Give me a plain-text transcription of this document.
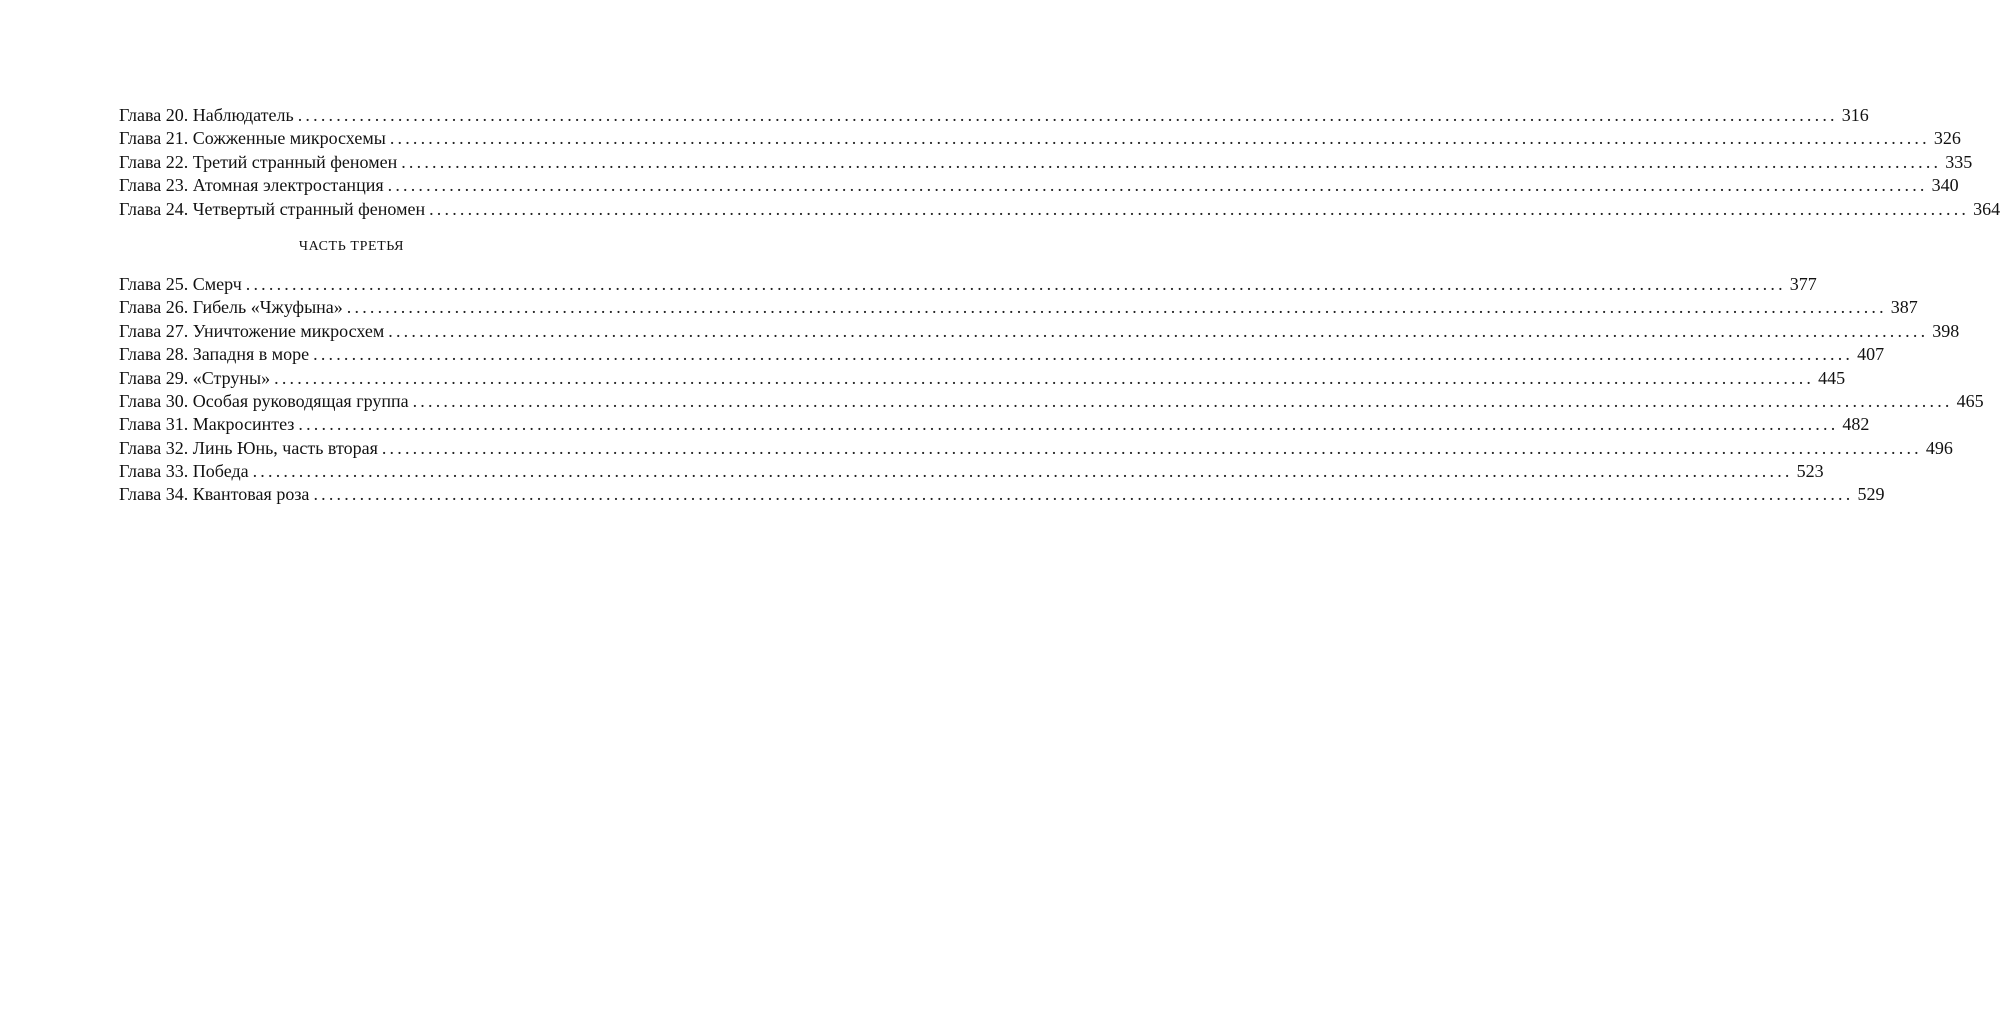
Глава 20. Наблюдатель ........................................................................................................................................................................................................ 316
Глава 21. Сожженные микросхемы ........................................................................................................................................................................................................ 326
Глава 22. Третий странный феномен ........................................................................................................................................................................................................ 335
Глава 23. Атомная электростанция ........................................................................................................................................................................................................ 340
Глава 24. Четвертый странный феномен ........................................................................................................................................................................................................ 364
ЧАСТЬ ТРЕТЬЯ
Глава 25. Смерч ........................................................................................................................................................................................................ 377
Глава 26. Гибель «Чжуфына» ........................................................................................................................................................................................................ 387
Глава 27. Уничтожение микросхем ........................................................................................................................................................................................................ 398
Глава 28. Западня в море ........................................................................................................................................................................................................ 407
Глава 29. «Струны» ........................................................................................................................................................................................................ 445
Глава 30. Особая руководящая группа ........................................................................................................................................................................................................ 465
Глава 31. Макросинтез ........................................................................................................................................................................................................ 482
Глава 32. Линь Юнь, часть вторая ........................................................................................................................................................................................................ 496
Глава 33. Победа ........................................................................................................................................................................................................ 523
Глава 34. Квантовая роза ........................................................................................................................................................................................................ 529
